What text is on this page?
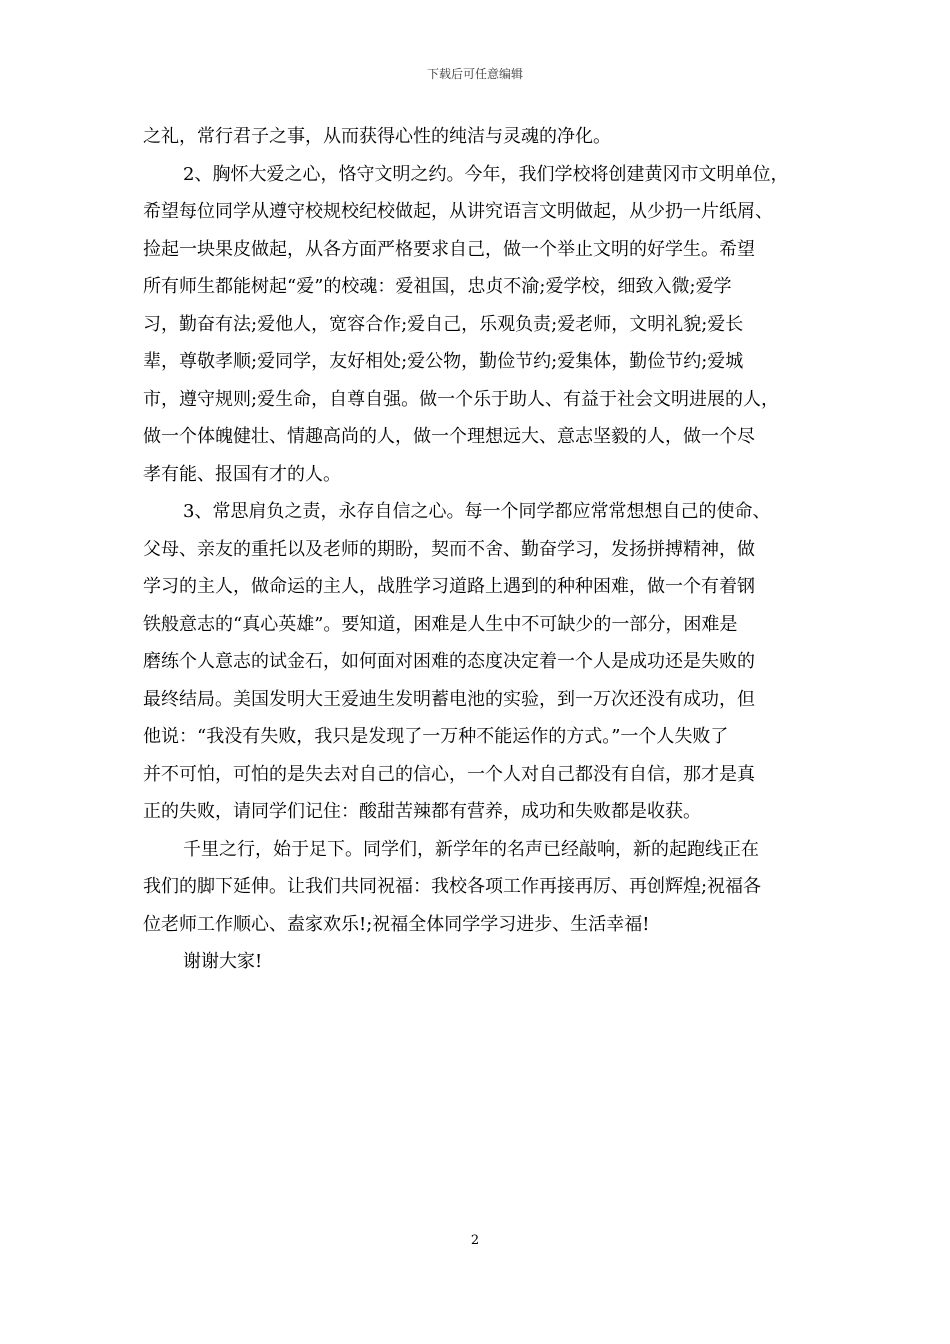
下载后可任意编辑

之礼，常行君子之事，从而获得心性的纯洁与灵魂的净化。

2、胸怀大爱之心，恪守文明之约。今年，我们学校将创建黄冈市文明单位，
希望每位同学从遵守校规校纪校做起，从讲究语言文明做起，从少扔一片纸屑、
捡起一块果皮做起，从各方面严格要求自己，做一个举止文明的好学生。希望
所有师生都能树起“爱”的校魂：爱祖国，忠贞不渝;爱学校，细致入微;爱学
习，勤奋有法;爱他人，宽容合作;爱自己，乐观负责;爱老师，文明礼貌;爱长
辈，尊敬孝顺;爱同学，友好相处;爱公物，勤俭节约;爱集体，勤俭节约;爱城
市，遵守规则;爱生命，自尊自强。做一个乐于助人、有益于社会文明进展的人，
做一个体魄健壮、情趣高尚的人，做一个理想远大、意志坚毅的人，做一个尽
孝有能、报国有才的人。

3、常思肩负之责，永存自信之心。每一个同学都应常常想想自己的使命、
父母、亲友的重托以及老师的期盼，契而不舍、勤奋学习，发扬拼搏精神，做
学习的主人，做命运的主人，战胜学习道路上遇到的种种困难，做一个有着钢
铁般意志的“真心英雄”。要知道，困难是人生中不可缺少的一部分，困难是
磨练个人意志的试金石，如何面对困难的态度决定着一个人是成功还是失败的
最终结局。美国发明大王爱迪生发明蓄电池的实验，到一万次还没有成功，但
他说：“我没有失败，我只是发现了一万种不能运作的方式。”一个人失败了
并不可怕，可怕的是失去对自己的信心，一个人对自己都没有自信，那才是真
正的失败，请同学们记住：酸甜苦辣都有营养，成功和失败都是收获。

千里之行，始于足下。同学们，新学年的名声已经敲响，新的起跑线正在
我们的脚下延伸。让我们共同祝福：我校各项工作再接再厉、再创辉煌;祝福各
位老师工作顺心、盍家欢乐!;祝福全体同学学习进步、生活幸福!

谢谢大家!

2
